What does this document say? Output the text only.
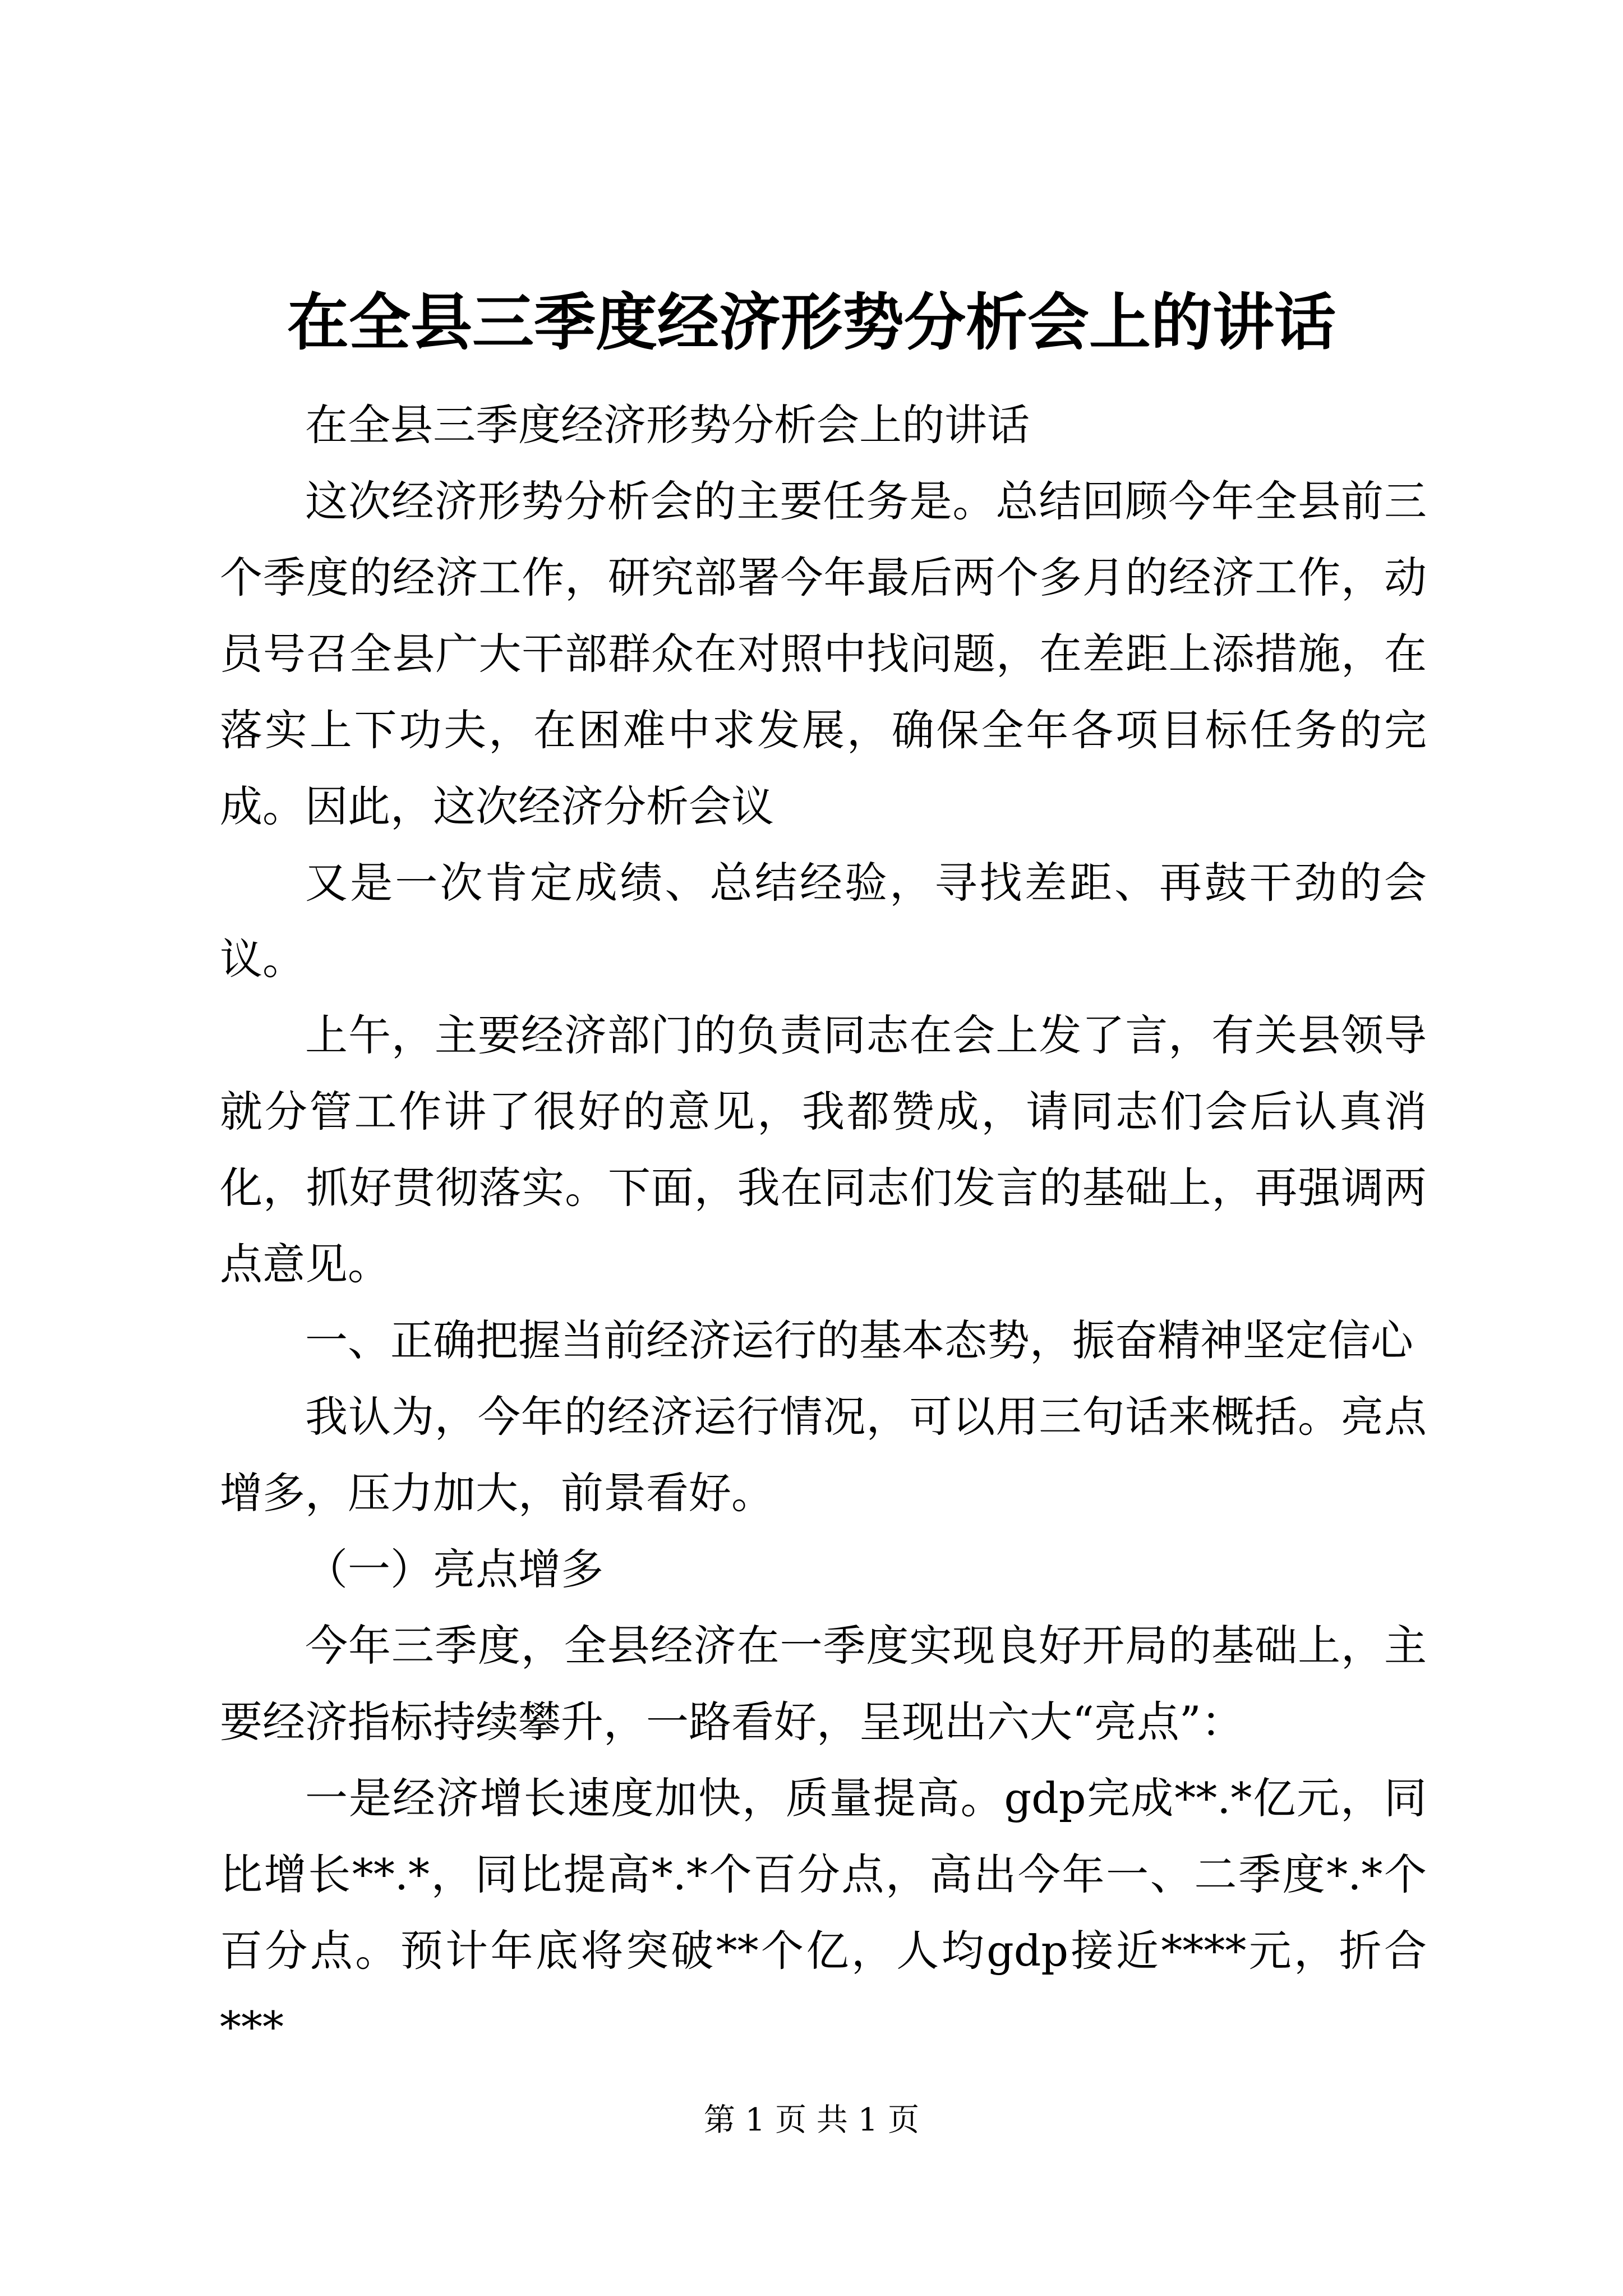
在全县三季度经济形势分析会上的讲话

在全县三季度经济形势分析会上的讲话

这次经济形势分析会的主要任务是。总结回顾今年全县前三个季度的经济工作，研究部署今年最后两个多月的经济工作，动员号召全县广大干部群众在对照中找问题，在差距上添措施，在落实上下功夫，在困难中求发展，确保全年各项目标任务的完成。因此，这次经济分析会议

又是一次肯定成绩、总结经验，寻找差距、再鼓干劲的会议。

上午，主要经济部门的负责同志在会上发了言，有关县领导就分管工作讲了很好的意见，我都赞成，请同志们会后认真消化，抓好贯彻落实。下面，我在同志们发言的基础上，再强调两点意见。

一、正确把握当前经济运行的基本态势，振奋精神坚定信心

我认为，今年的经济运行情况，可以用三句话来概括。亮点增多，压力加大，前景看好。

（一）亮点增多

今年三季度，全县经济在一季度实现良好开局的基础上，主要经济指标持续攀升，一路看好，呈现出六大“亮点”：

一是经济增长速度加快，质量提高。gdp完成**.*亿元，同比增长**.*，同比提高*.*个百分点，高出今年一、二季度*.*个百分点。预计年底将突破**个亿，人均gdp接近****元，折合***

第 1 页 共 1 页
